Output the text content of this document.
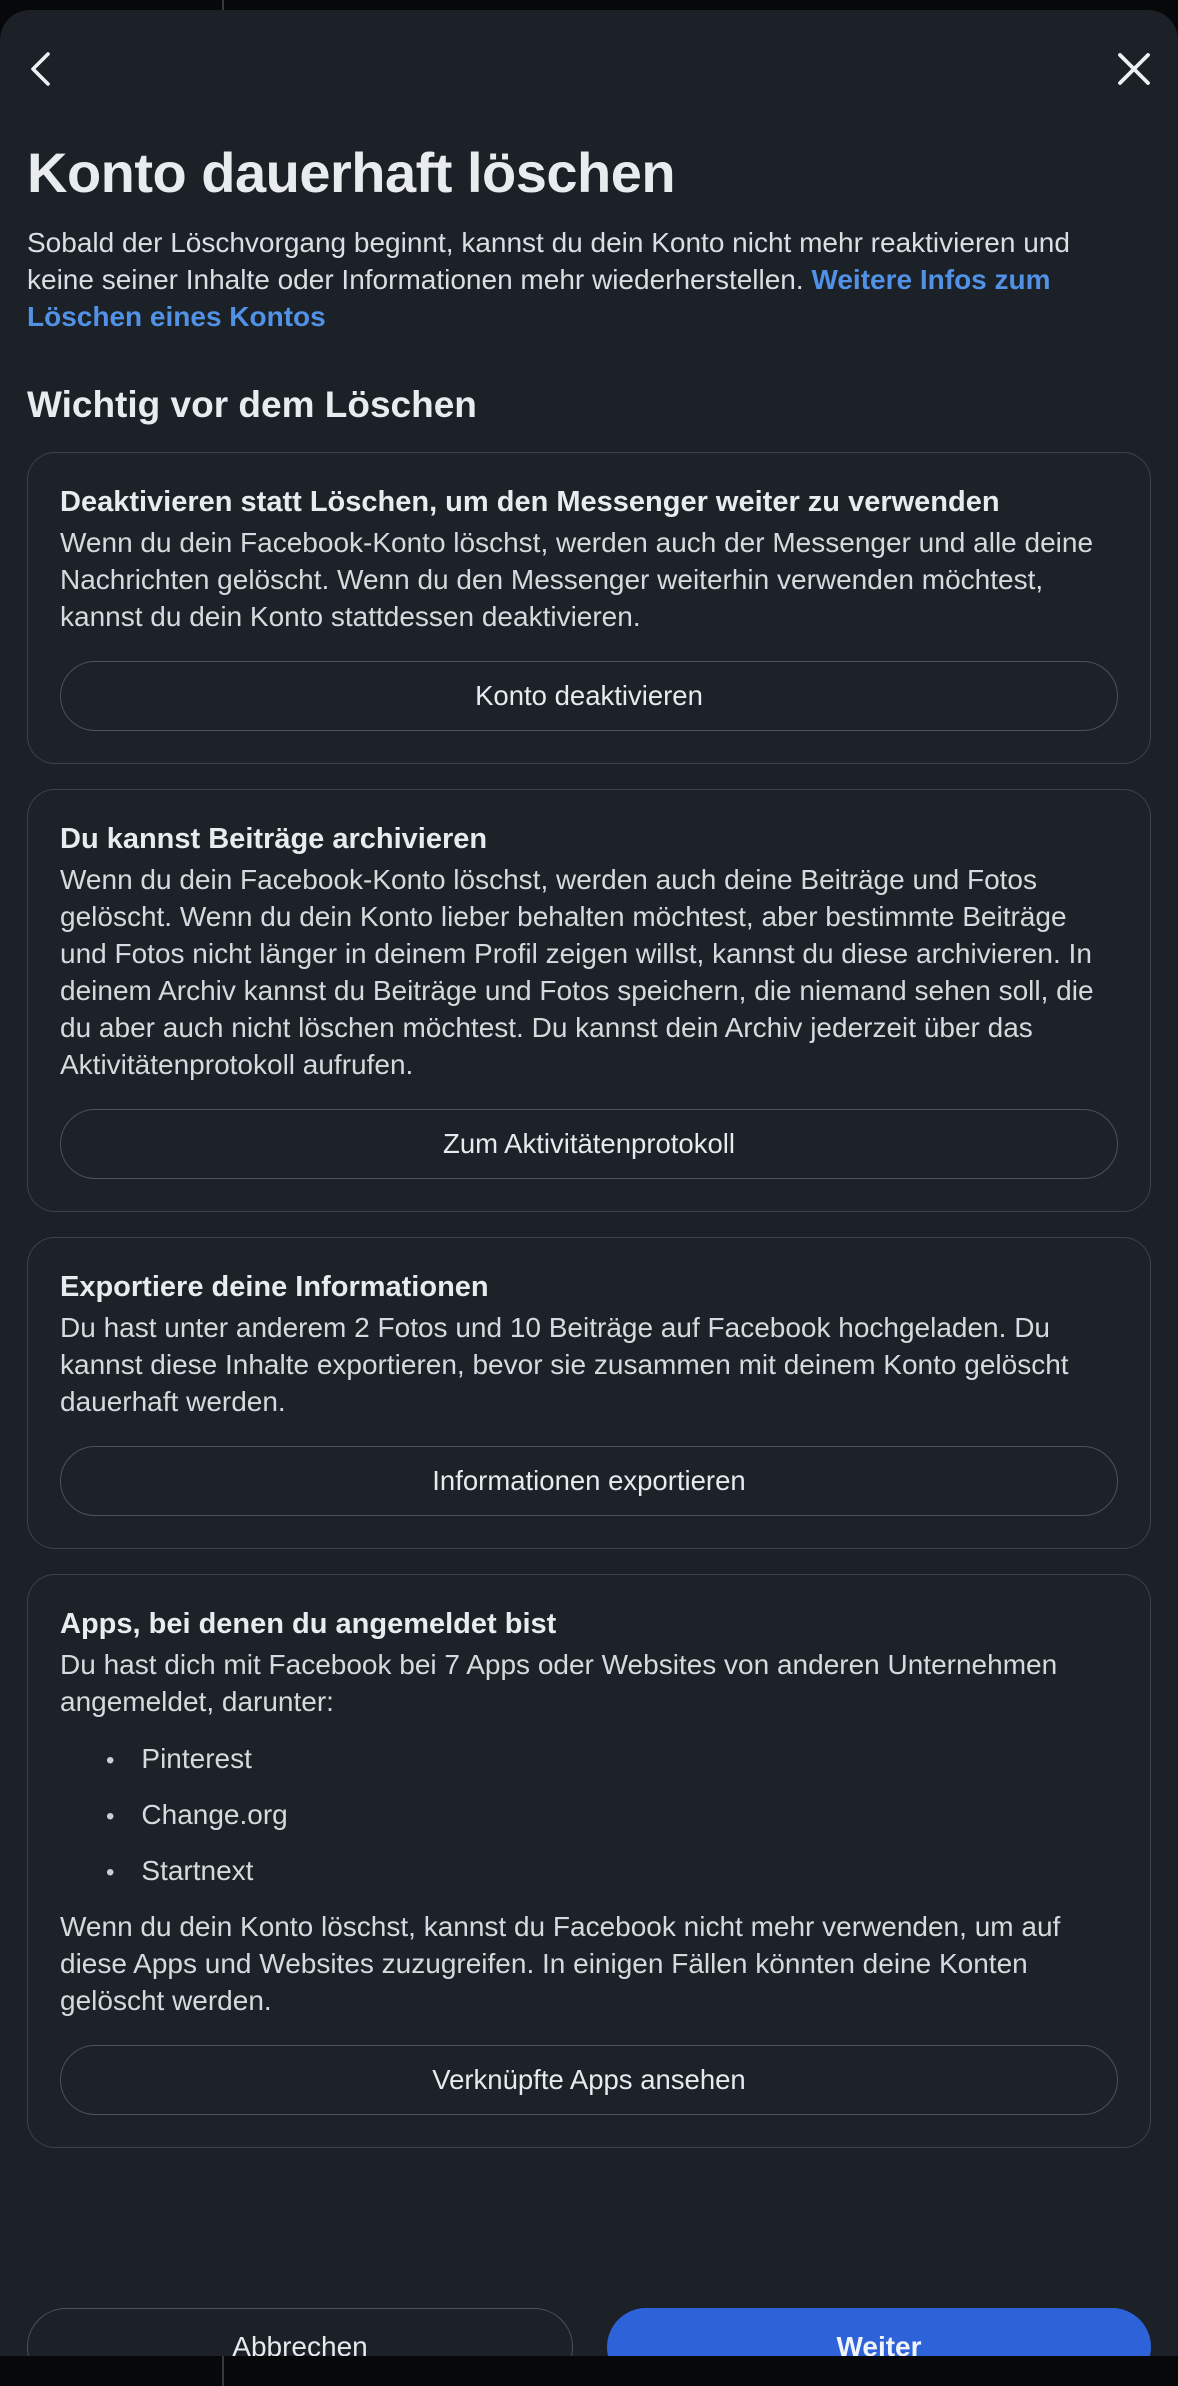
Konto dauerhaft löschen
Sobald der Löschvorgang beginnt, kannst du dein Konto nicht mehr reaktivieren und keine seiner Inhalte oder Informationen mehr wiederherstellen. Weitere Infos zum Löschen eines Kontos
Wichtig vor dem Löschen
Deaktivieren statt Löschen, um den Messenger weiter zu verwenden
Wenn du dein Facebook-Konto löschst, werden auch der Messenger und alle deine Nachrichten gelöscht. Wenn du den Messenger weiterhin verwenden möchtest, kannst du dein Konto stattdessen deaktivieren.
Konto deaktivieren
Du kannst Beiträge archivieren
Wenn du dein Facebook-Konto löschst, werden auch deine Beiträge und Fotos gelöscht. Wenn du dein Konto lieber behalten möchtest, aber bestimmte Beiträge und Fotos nicht länger in deinem Profil zeigen willst, kannst du diese archivieren. In deinem Archiv kannst du Beiträge und Fotos speichern, die niemand sehen soll, die du aber auch nicht löschen möchtest. Du kannst dein Archiv jederzeit über das Aktivitätenprotokoll aufrufen.
Zum Aktivitätenprotokoll
Exportiere deine Informationen
Du hast unter anderem 2 Fotos und 10 Beiträge auf Facebook hochgeladen. Du kannst diese Inhalte exportieren, bevor sie zusammen mit deinem Konto gelöscht dauerhaft werden.
Informationen exportieren
Apps, bei denen du angemeldet bist
Du hast dich mit Facebook bei 7 Apps oder Websites von anderen Unternehmen angemeldet, darunter:
• Pinterest
• Change.org
• Startnext
Wenn du dein Konto löschst, kannst du Facebook nicht mehr verwenden, um auf diese Apps und Websites zuzugreifen. In einigen Fällen könnten deine Konten gelöscht werden.
Verknüpfte Apps ansehen
Abbrechen	Weiter
